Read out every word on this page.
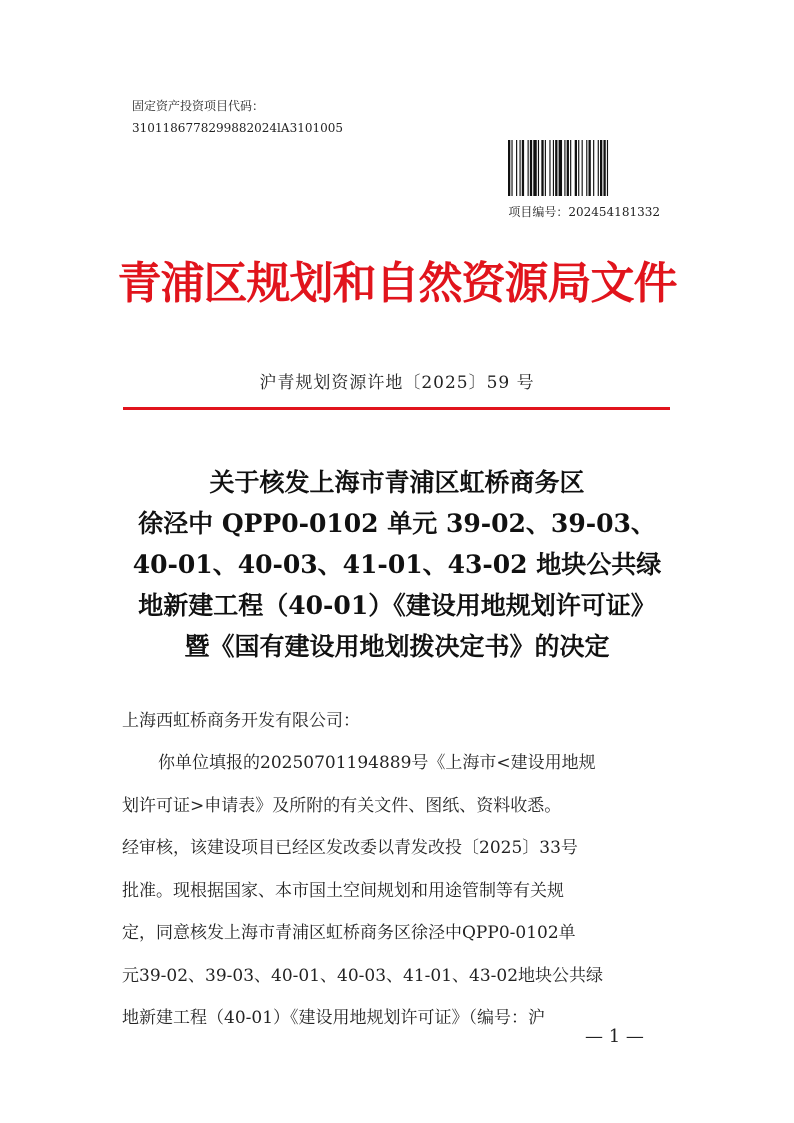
固定资产投资项目代码：
3101186778299882024lA3101005
项目编号：202454181332
青浦区规划和自然资源局文件
沪青规划资源许地〔2025〕59 号
关于核发上海市青浦区虹桥商务区
徐泾中 QPP0-0102 单元 39-02、39-03、
40-01、40-03、41-01、43-02 地块公共绿
地新建工程（40-01）《建设用地规划许可证》
暨《国有建设用地划拨决定书》的决定
上海西虹桥商务开发有限公司：
你单位填报的20250701194889号《上海市<建设用地规
划许可证>申请表》及所附的有关文件、图纸、资料收悉。
经审核，该建设项目已经区发改委以青发改投〔2025〕33号
批准。现根据国家、本市国土空间规划和用途管制等有关规
定，同意核发上海市青浦区虹桥商务区徐泾中QPP0-0102单
元39-02、39-03、40-01、40-03、41-01、43-02地块公共绿
地新建工程（40-01）《建设用地规划许可证》（编号：沪
— 1 —
